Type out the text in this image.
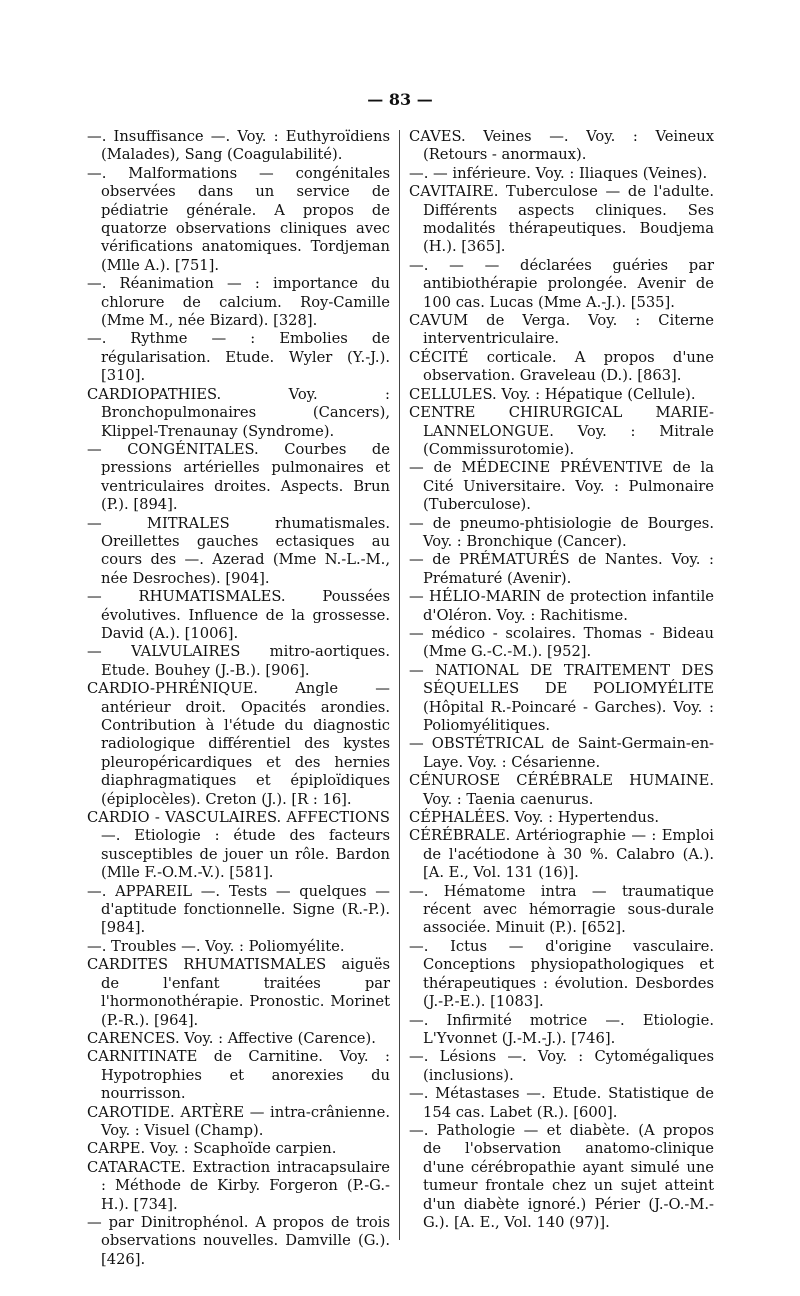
— 83 —

—. Insuffisance —. Voy. : Euthyroïdiens (Malades), Sang (Coagulabilité).

—. Malformations — congénitales observées dans un service de pédiatrie générale. A propos de quatorze observations cliniques avec vérifications anatomiques. Tordjeman (Mlle A.). [751].

—. Réanimation — : importance du chlorure de calcium. Roy-Camille (Mme M., née Bizard). [328].

—. Rythme — : Embolies de régularisation. Etude. Wyler (Y.-J.). [310].

CARDIOPATHIES. Voy. : Bronchopulmonaires (Cancers), Klippel-Trenaunay (Syndrome).

— CONGÉNITALES. Courbes de pressions artérielles pulmonaires et ventriculaires droites. Aspects. Brun (P.). [894].

— MITRALES rhumatismales. Oreillettes gauches ectasiques au cours des —. Azerad (Mme N.-L.-M., née Desroches). [904].

— RHUMATISMALES. Poussées évolutives. Influence de la grossesse. David (A.). [1006].

— VALVULAIRES mitro-aortiques. Etude. Bouhey (J.-B.). [906].

CARDIO-PHRÉNIQUE. Angle — antérieur droit. Opacités arondies. Contribution à l'étude du diagnostic radiologique différentiel des kystes pleuropéricardiques et des hernies diaphragmatiques et épiploïdiques (épiplocèles). Creton (J.). [R : 16].

CARDIO - VASCULAIRES. AFFECTIONS —. Etiologie : étude des facteurs susceptibles de jouer un rôle. Bardon (Mlle F.-O.M.-V.). [581].

—. APPAREIL —. Tests — quelques — d'aptitude fonctionnelle. Signe (R.-P.). [984].

—. Troubles —. Voy. : Poliomyélite.

CARDITES RHUMATISMALES aiguës de l'enfant traitées par l'hormonothérapie. Pronostic. Morinet (P.-R.). [964].

CARENCES. Voy. : Affective (Carence).

CARNITINATE de Carnitine. Voy. : Hypotrophies et anorexies du nourrisson.

CAROTIDE. ARTÈRE — intra-crânienne. Voy. : Visuel (Champ).

CARPE. Voy. : Scaphoïde carpien.

CATARACTE. Extraction intracapsulaire : Méthode de Kirby. Forgeron (P.-G.-H.). [734].

— par Dinitrophénol. A propos de trois observations nouvelles. Damville (G.). [426].

CAVES. Veines —. Voy. : Veineux (Retours - anormaux).

—. — inférieure. Voy. : Iliaques (Veines).

CAVITAIRE. Tuberculose — de l'adulte. Différents aspects cliniques. Ses modalités thérapeutiques. Boudjema (H.). [365].

—. — — déclarées guéries par antibiothérapie prolongée. Avenir de 100 cas. Lucas (Mme A.-J.). [535].

CAVUM de Verga. Voy. : Citerne interventriculaire.

CÉCITÉ corticale. A propos d'une observation. Graveleau (D.). [863].

CELLULES. Voy. : Hépatique (Cellule).

CENTRE CHIRURGICAL MARIE-LANNELONGUE. Voy. : Mitrale (Commissurotomie).

— de MÉDECINE PRÉVENTIVE de la Cité Universitaire. Voy. : Pulmonaire (Tuberculose).

— de pneumo-phtisiologie de Bourges. Voy. : Bronchique (Cancer).

— de PRÉMATURÉS de Nantes. Voy. : Prématuré (Avenir).

— HÉLIO-MARIN de protection infantile d'Oléron. Voy. : Rachitisme.

— médico - scolaires. Thomas - Bideau (Mme G.-C.-M.). [952].

— NATIONAL DE TRAITEMENT DES SÉQUELLES DE POLIOMYÉLITE (Hôpital R.-Poincaré - Garches). Voy. : Poliomyélitiques.

— OBSTÉTRICAL de Saint-Germain-en-Laye. Voy. : Césarienne.

CÉNUROSE CÉRÉBRALE HUMAINE. Voy. : Taenia caenurus.

CÉPHALÉES. Voy. : Hypertendus.

CÉRÉBRALE. Artériographie — : Emploi de l'acétiodone à 30 %. Calabro (A.). [A. E., Vol. 131 (16)].

—. Hématome intra — traumatique récent avec hémorragie sous-durale associée. Minuit (P.). [652].

—. Ictus — d'origine vasculaire. Conceptions physiopathologiques et thérapeutiques : évolution. Desbordes (J.-P.-E.). [1083].

—. Infirmité motrice —. Etiologie. L'Yvonnet (J.-M.-J.). [746].

—. Lésions —. Voy. : Cytomégaliques (inclusions).

—. Métastases —. Etude. Statistique de 154 cas. Labet (R.). [600].

—. Pathologie — et diabète. (A propos de l'observation anatomo-clinique d'une cérébropathie ayant simulé une tumeur frontale chez un sujet atteint d'un diabète ignoré.) Périer (J.-O.-M.-G.). [A. E., Vol. 140 (97)].
